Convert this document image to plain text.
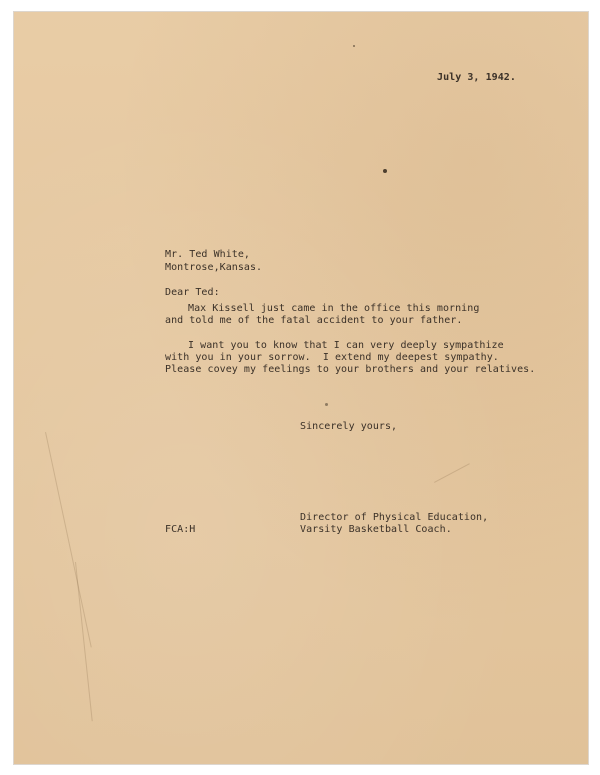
July 3, 1942.
Mr. Ted White,
Montrose,Kansas.
Dear Ted:
Max Kissell just came in the office this morning
and told me of the fatal accident to your father.
I want you to know that I can very deeply sympathize
with you in your sorrow.  I extend my deepest sympathy.
Please covey my feelings to your brothers and your relatives.
Sincerely yours,
Director of Physical Education,
Varsity Basketball Coach.
FCA:H
